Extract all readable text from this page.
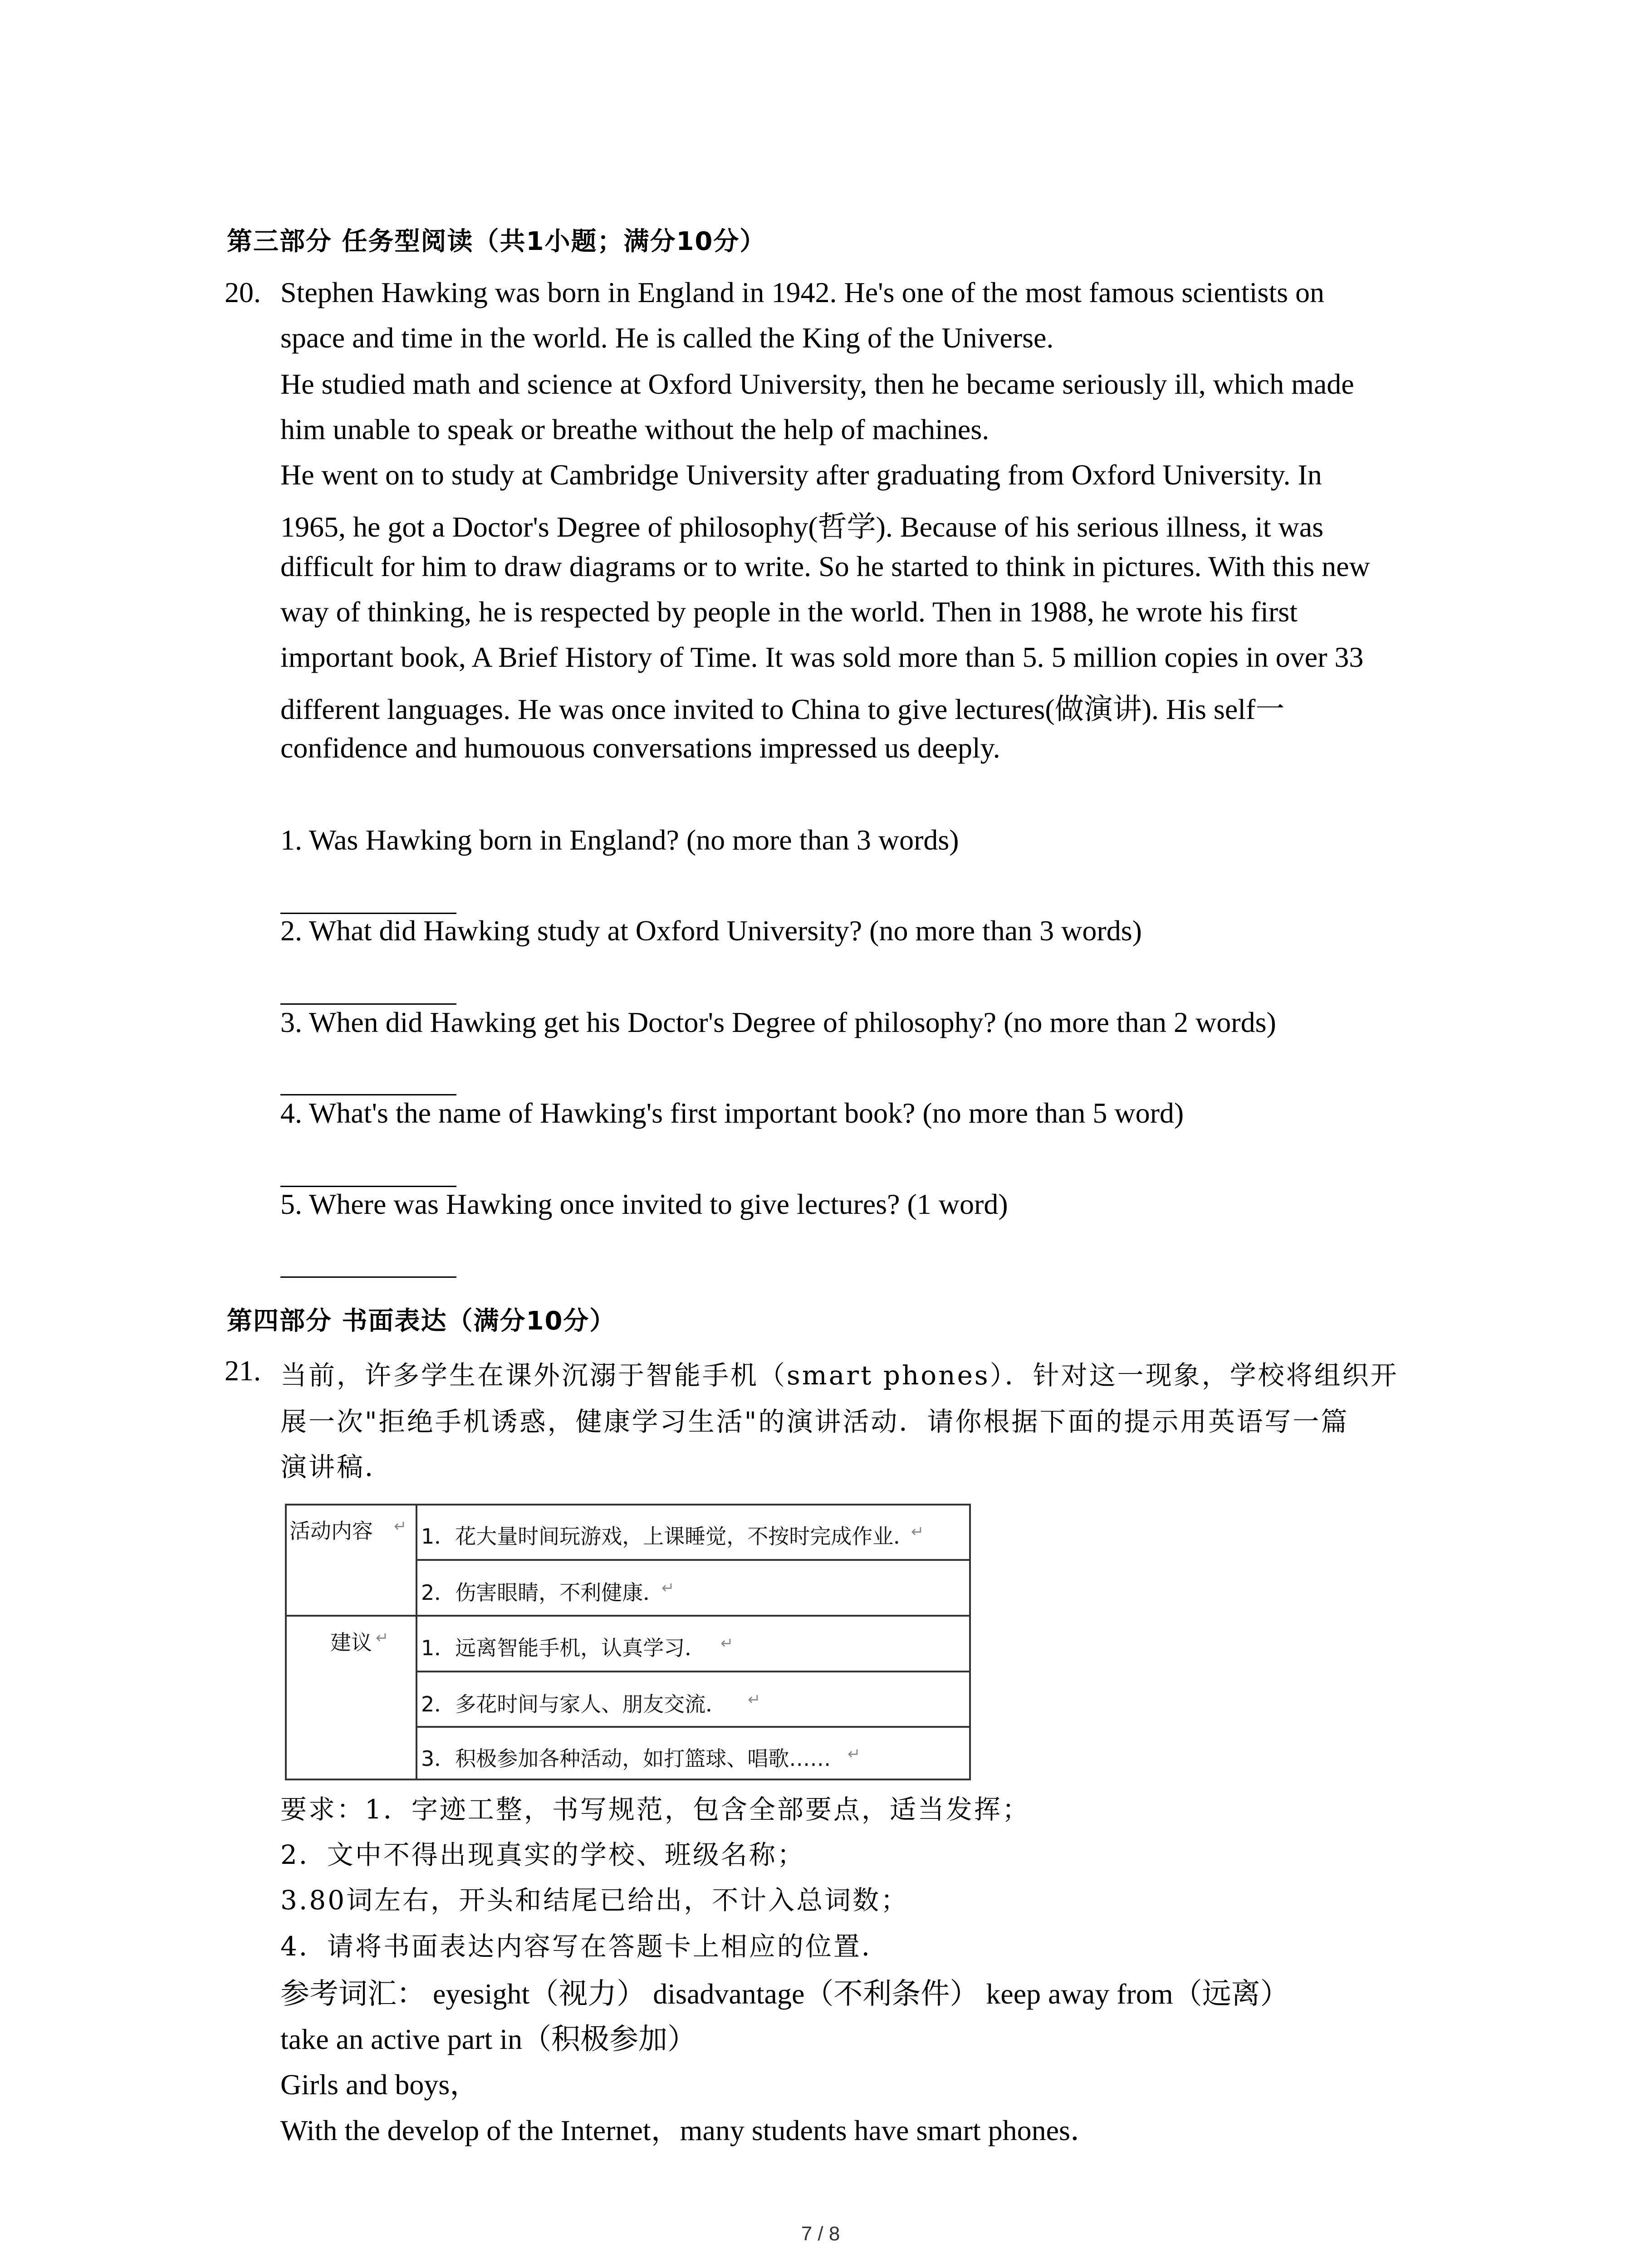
第三部分 任务型阅读（共1小题；满分10分）
20. Stephen Hawking was born in England in 1942. He's one of the most famous scientists on
space and time in the world. He is called the King of the Universe.
He studied math and science at Oxford University, then he became seriously ill, which made
him unable to speak or breathe without the help of machines.
He went on to study at Cambridge University after graduating from Oxford University. In
1965, he got a Doctor's Degree of philosophy(哲学). Because of his serious illness, it was
difficult for him to draw diagrams or to write. So he started to think in pictures. With this new
way of thinking, he is respected by people in the world. Then in 1988, he wrote his first
important book, A Brief History of Time. It was sold more than 5. 5 million copies in over 33
different languages. He was once invited to China to give lectures(做演讲). His self一
confidence and humouous conversations impressed us deeply.
1. Was Hawking born in England? (no more than 3 words)
2. What did Hawking study at Oxford University? (no more than 3 words)
3. When did Hawking get his Doctor's Degree of philosophy? (no more than 2 words)
4. What's the name of Hawking's first important book? (no more than 5 word)
5. Where was Hawking once invited to give lectures? (1 word)
第四部分 书面表达（满分10分）
21. 当前，许多学生在课外沉溺于智能手机（smart phones）．针对这一现象，学校将组织开
展一次"拒绝手机诱惑，健康学习生活"的演讲活动．请你根据下面的提示用英语写一篇
演讲稿．
活动内容 ↵
建议 ↵
1．花大量时间玩游戏，上课睡觉，不按时完成作业．
↵
2．伤害眼睛，不利健康．
↵
1．远离智能手机，认真学习． ↵
2．多花时间与家人、朋友交流． ↵
3．积极参加各种活动，如打篮球、唱歌…… ↵
要求：1．字迹工整，书写规范，包含全部要点，适当发挥；
2．文中不得出现真实的学校、班级名称；
3.80词左右，开头和结尾已给出，不计入总词数；
4．请将书面表达内容写在答题卡上相应的位置．
参考词汇： eyesight（视力） disadvantage（不利条件） keep away from（远离）
take an active part in（积极参加）
Girls and boys，
With the develop of the Internet，many students have smart phones．
7 / 8
